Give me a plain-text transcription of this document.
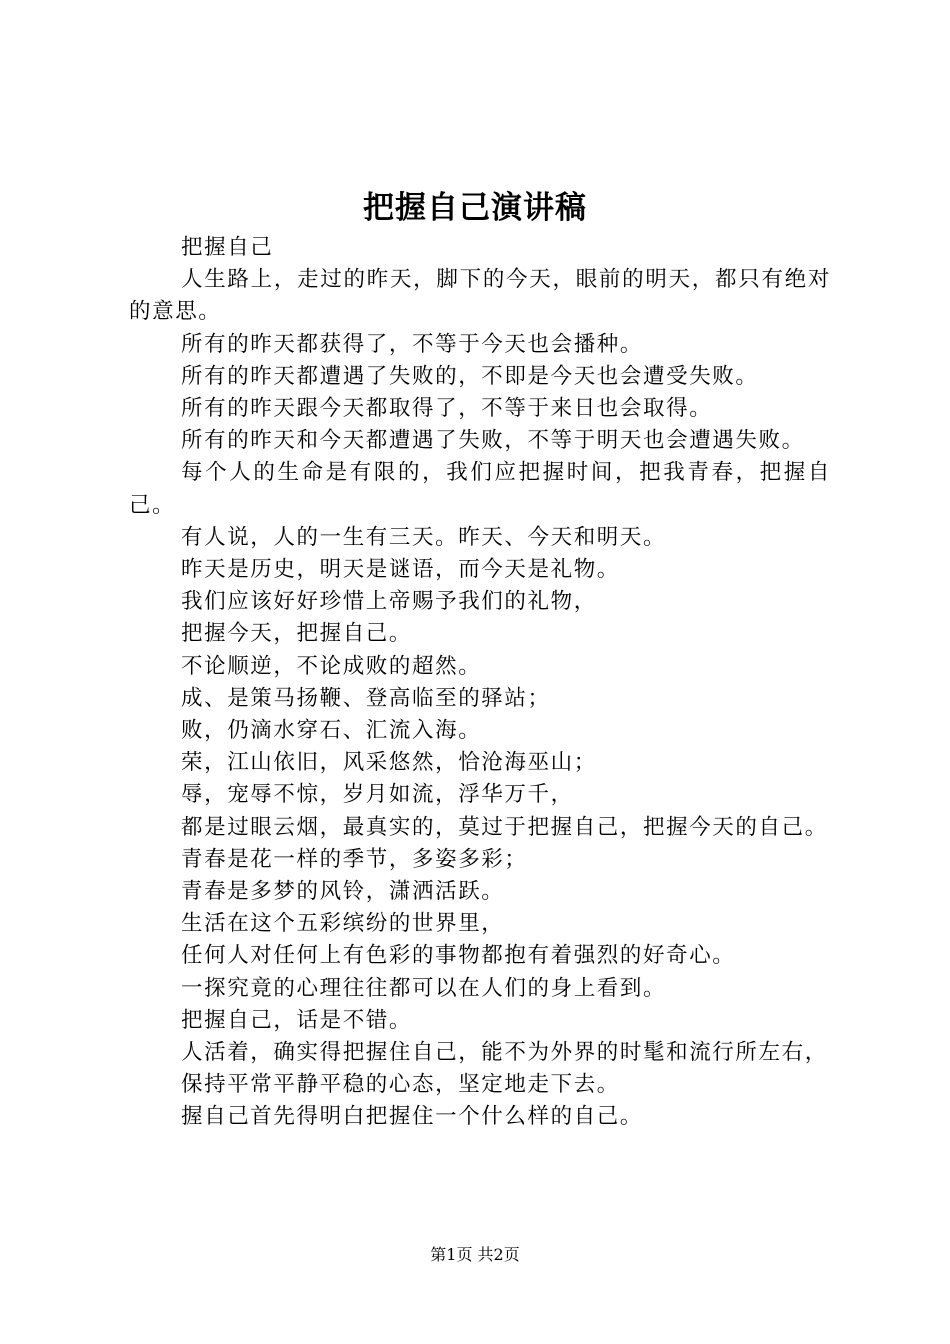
把握自己演讲稿

把握自己

人生路上，走过的昨天，脚下的今天，眼前的明天，都只有绝对的意思。

所有的昨天都获得了，不等于今天也会播种。

所有的昨天都遭遇了失败的，不即是今天也会遭受失败。

所有的昨天跟今天都取得了，不等于来日也会取得。

所有的昨天和今天都遭遇了失败，不等于明天也会遭遇失败。

每个人的生命是有限的，我们应把握时间，把我青春，把握自己。

有人说，人的一生有三天。昨天、今天和明天。

昨天是历史，明天是谜语，而今天是礼物。

我们应该好好珍惜上帝赐予我们的礼物，

把握今天，把握自己。

不论顺逆，不论成败的超然。

成、是策马扬鞭、登高临至的驿站；

败，仍滴水穿石、汇流入海。

荣，江山依旧，风采悠然，恰沧海巫山；

辱，宠辱不惊，岁月如流，浮华万千，

都是过眼云烟，最真实的，莫过于把握自己，把握今天的自己。

青春是花一样的季节，多姿多彩；

青春是多梦的风铃，潇洒活跃。

生活在这个五彩缤纷的世界里，

任何人对任何上有色彩的事物都抱有着强烈的好奇心。

一探究竟的心理往往都可以在人们的身上看到。

把握自己，话是不错。

人活着，确实得把握住自己，能不为外界的时髦和流行所左右，

保持平常平静平稳的心态，坚定地走下去。

握自己首先得明白把握住一个什么样的自己。

第1页 共2页
